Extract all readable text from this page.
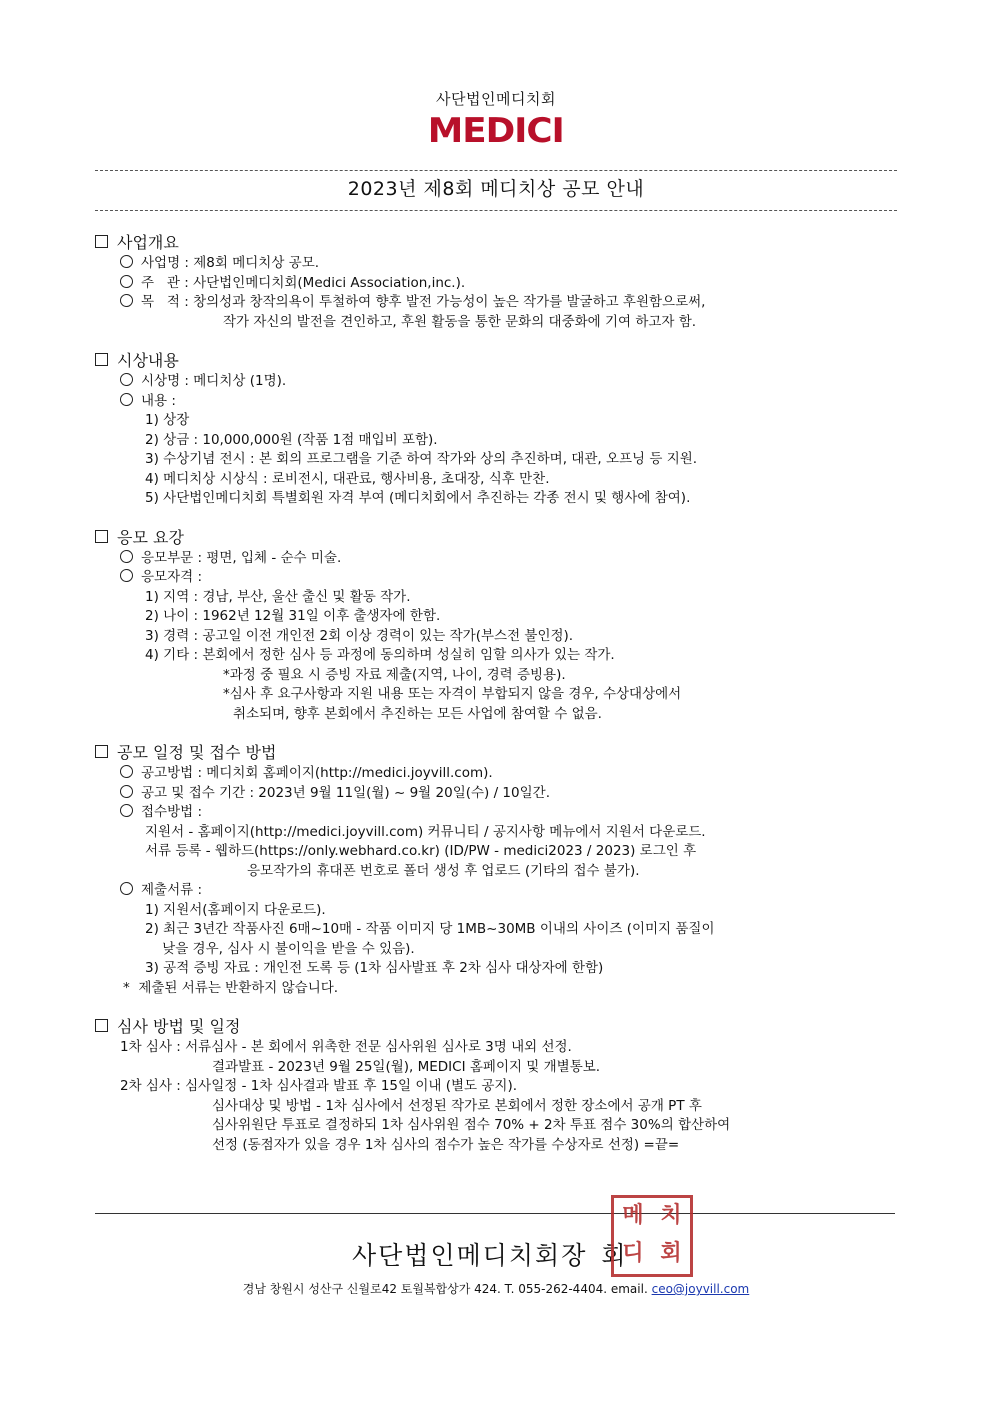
사단법인메디치회
MEDICI
2023년 제8회 메디치상 공모 안내
사업개요
사업명 : 제8회 메디치상 공모.
주   관 : 사단법인메디치회(Medici Association,inc.).
목   적 : 창의성과 창작의욕이 투철하여 향후 발전 가능성이 높은 작가를 발굴하고 후원함으로써,
작가 자신의 발전을 견인하고, 후원 활동을 통한 문화의 대중화에 기여 하고자 함.
시상내용
시상명 : 메디치상 (1명).
내용 :
1) 상장
2) 상금 : 10,000,000원 (작품 1점 매입비 포함).
3) 수상기념 전시 : 본 회의 프로그램을 기준 하여 작가와 상의 추진하며, 대관, 오프닝 등 지원.
4) 메디치상 시상식 : 로비전시, 대관료, 행사비용, 초대장, 식후 만찬.
5) 사단법인메디치회 특별회원 자격 부여 (메디치회에서 추진하는 각종 전시 및 행사에 참여).
응모 요강
응모부문 : 평면, 입체 - 순수 미술.
응모자격 :
1) 지역 : 경남, 부산, 울산 출신 및 활동 작가.
2) 나이 : 1962년 12월 31일 이후 출생자에 한함.
3) 경력 : 공고일 이전 개인전 2회 이상 경력이 있는 작가(부스전 불인정).
4) 기타 : 본회에서 정한 심사 등 과정에 동의하며 성실히 임할 의사가 있는 작가.
*과정 중 필요 시 증빙 자료 제출(지역, 나이, 경력 증빙용).
*심사 후 요구사항과 지원 내용 또는 자격이 부합되지 않을 경우, 수상대상에서
취소되며, 향후 본회에서 추진하는 모든 사업에 참여할 수 없음.
공모 일정 및 접수 방법
공고방법 : 메디치회 홈페이지(http://medici.joyvill.com).
공고 및 접수 기간 : 2023년 9월 11일(월) ~ 9월 20일(수) / 10일간.
접수방법 :
지원서 - 홈페이지(http://medici.joyvill.com) 커뮤니티 / 공지사항 메뉴에서 지원서 다운로드.
서류 등록 - 웹하드(https://only.webhard.co.kr) (ID/PW - medici2023 / 2023) 로그인 후
응모작가의 휴대폰 번호로 폴더 생성 후 업로드 (기타의 접수 불가).
제출서류 :
1) 지원서(홈페이지 다운로드).
2) 최근 3년간 작품사진 6매~10매 - 작품 이미지 당 1MB~30MB 이내의 사이즈 (이미지 품질이
낮을 경우, 심사 시 불이익을 받을 수 있음).
3) 공적 증빙 자료 : 개인전 도록 등 (1차 심사발표 후 2차 심사 대상자에 한함)
*  제출된 서류는 반환하지 않습니다.
심사 방법 및 일정
1차 심사 : 서류심사 - 본 회에서 위촉한 전문 심사위원 심사로 3명 내외 선정.
결과발표 - 2023년 9월 25일(월), MEDICI 홈페이지 및 개별통보.
2차 심사 : 심사일정 - 1차 심사결과 발표 후 15일 이내 (별도 공지).
심사대상 및 방법 - 1차 심사에서 선정된 작가로 본회에서 정한 장소에서 공개 PT 후
심사위원단 투표로 결정하되 1차 심사위원 점수 70% + 2차 투표 점수 30%의 합산하여
선정 (동점자가 있을 경우 1차 심사의 점수가 높은 작가를 수상자로 선정) =끝=
사단법인메디치회장 회
메 치
디 회
경남 창원시 성산구 신월로42 토월복합상가 424. T. 055-262-4404. email. ceo@joyvill.com
